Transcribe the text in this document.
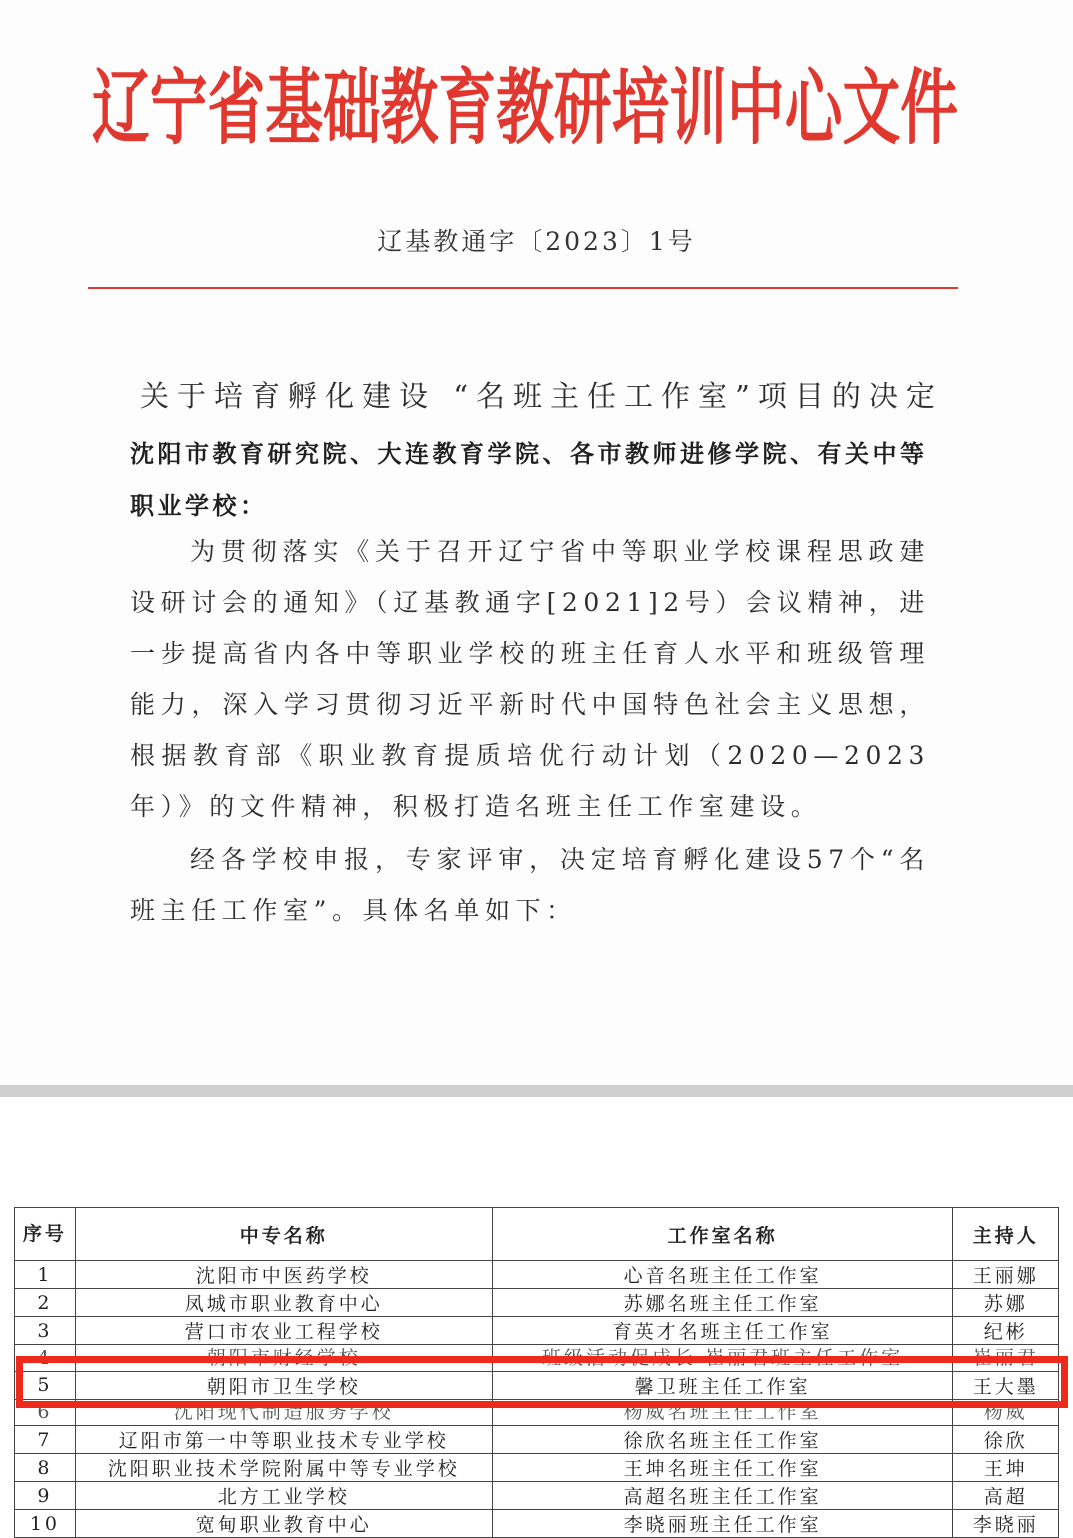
辽宁省基础教育教研培训中心文件
辽基教通字〔2023〕1号
关于培育孵化建设 “名班主任工作室”项目的决定
沈阳市教育研究院、大连教育学院、各市教师进修学院、有关中等职业学校：
为贯彻落实《关于召开辽宁省中等职业学校课程思政建设研讨会的通知》（辽基教通字[2021]2号）会议精神，进一步提高省内各中等职业学校的班主任育人水平和班级管理能力，深入学习贯彻习近平新时代中国特色社会主义思想，根据教育部《职业教育提质培优行动计划（2020—2023年）》的文件精神，积极打造名班主任工作室建设。
经各学校申报，专家评审，决定培育孵化建设57个“名班主任工作室”。具体名单如下：
序号	中专名称	工作室名称	主持人
1	沈阳市中医药学校	心音名班主任工作室	王丽娜
2	凤城市职业教育中心	苏娜名班主任工作室	苏娜
3	营口市农业工程学校	育英才名班主任工作室	纪彬
4	朝阳市财经学校	班级活动促成长 崔丽君班主任工作室	崔丽君
5	朝阳市卫生学校	馨卫班主任工作室	王大墨
6	沈阳现代制造服务学校	杨威名班主任工作室	杨威
7	辽阳市第一中等职业技术专业学校	徐欣名班主任工作室	徐欣
8	沈阳职业技术学院附属中等专业学校	王坤名班主任工作室	王坤
9	北方工业学校	高超名班主任工作室	高超
10	宽甸职业教育中心	李晓丽班主任工作室	李晓丽
